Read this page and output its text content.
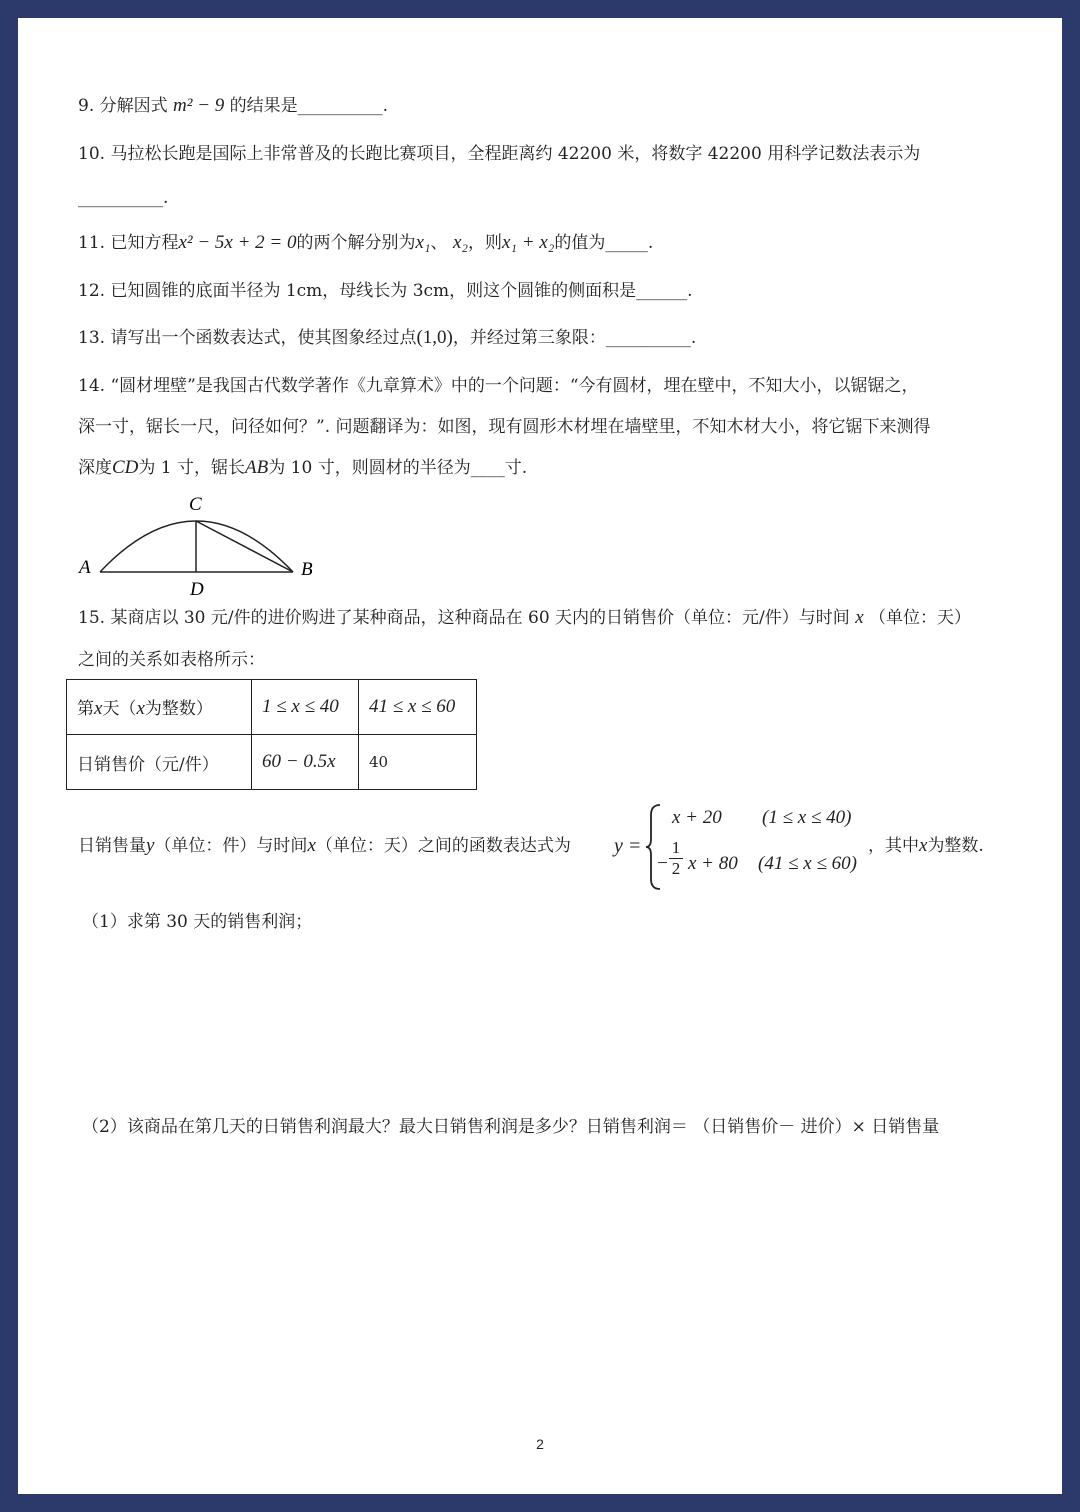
9. 分解因式 m² − 9 的结果是__________.
10. 马拉松长跑是国际上非常普及的长跑比赛项目，全程距离约 42200 米，将数字 42200 用科学记数法表示为
__________.
11. 已知方程x² − 5x + 2 = 0的两个解分别为x₁、 x₂，则x₁ + x₂的值为_____.
12. 已知圆锥的底面半径为 1cm，母线长为 3cm，则这个圆锥的侧面积是______.
13. 请写出一个函数表达式，使其图象经过点(1,0)，并经过第三象限：__________.
14. “圆材埋壁”是我国古代数学著作《九章算术》中的一个问题：“今有圆材，埋在壁中，不知大小，以锯锯之，
深一寸，锯长一尺，问径如何？”. 问题翻译为：如图，现有圆形木材埋在墙壁里，不知木材大小，将它锯下来测得
深度CD为 1 寸，锯长AB为 10 寸，则圆材的半径为____寸.
A	B
C
D
15. 某商店以 30 元/件的进价购进了某种商品，这种商品在 60 天内的日销售价（单位：元/件）与时间 x （单位：天）
之间的关系如表格所示：
第x天（x为整数）	1 ≤ x ≤ 40	41 ≤ x ≤ 60
日销售价（元/件）	60 − 0.5x	40
日销售量y（单位：件）与时间x（单位：天）之间的函数表达式为 y =
x + 20 (1 ≤ x ≤ 40)
− $\frac{1}{2}$ x + 80 (41 ≤ x ≤ 60)
，其中x为整数.
（1）求第 30 天的销售利润；
（2）该商品在第几天的日销售利润最大？最大日销售利润是多少？日销售利润＝ （日销售价－ 进价）× 日销售量
2
